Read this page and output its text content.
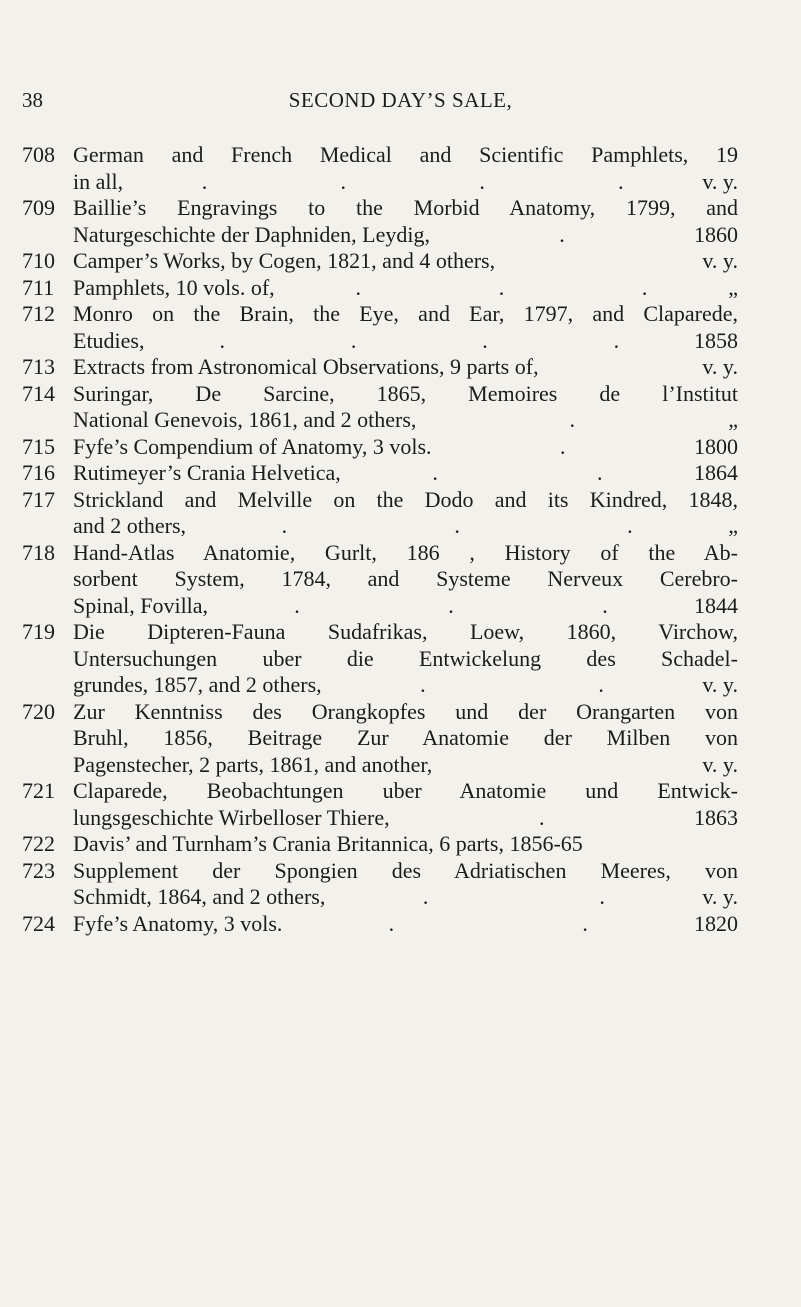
38	SECOND DAY’S SALE,
708 German and French Medical and Scientific Pamphlets, 19
in all,	.	.	.	.	v. y.
709 Baillie’s Engravings to the Morbid Anatomy, 1799, and
Naturgeschichte der Daphniden, Leydig,	.	1860
710 Camper’s Works, by Cogen, 1821, and 4 others,	v. y.
711 Pamphlets, 10 vols. of,	.	.	.	„
712 Monro on the Brain, the Eye, and Ear, 1797, and Claparede,
Etudies,	.	.	.	.	1858
713 Extracts from Astronomical Observations, 9 parts of,	v. y.
714 Suringar, De Sarcine, 1865, Memoires de l’Institut
National Genevois, 1861, and 2 others,	.	„
715 Fyfe’s Compendium of Anatomy, 3 vols.	.	1800
716 Rutimeyer’s Crania Helvetica,	.	.	1864
717 Strickland and Melville on the Dodo and its Kindred, 1848,
and 2 others,	.	.	.	„
718 Hand-Atlas Anatomie, Gurlt, 186 , History of the Ab-
sorbent System, 1784, and Systeme Nerveux Cerebro-
Spinal, Fovilla,	.	.	.	1844
719 Die Dipteren-Fauna Sudafrikas, Loew, 1860, Virchow,
Untersuchungen uber die Entwickelung des Schadel-
grundes, 1857, and 2 others,	.	.	v. y.
720 Zur Kenntniss des Orangkopfes und der Orangarten von
Bruhl, 1856, Beitrage Zur Anatomie der Milben von
Pagenstecher, 2 parts, 1861, and another,	v. y.
721 Claparede, Beobachtungen uber Anatomie und Entwick-
lungsgeschichte Wirbelloser Thiere,	.	1863
722 Davis’ and Turnham’s Crania Britannica, 6 parts, 1856-65
723 Supplement der Spongien des Adriatischen Meeres, von
Schmidt, 1864, and 2 others,	.	.	v. y.
724 Fyfe’s Anatomy, 3 vols.	.	.	1820
